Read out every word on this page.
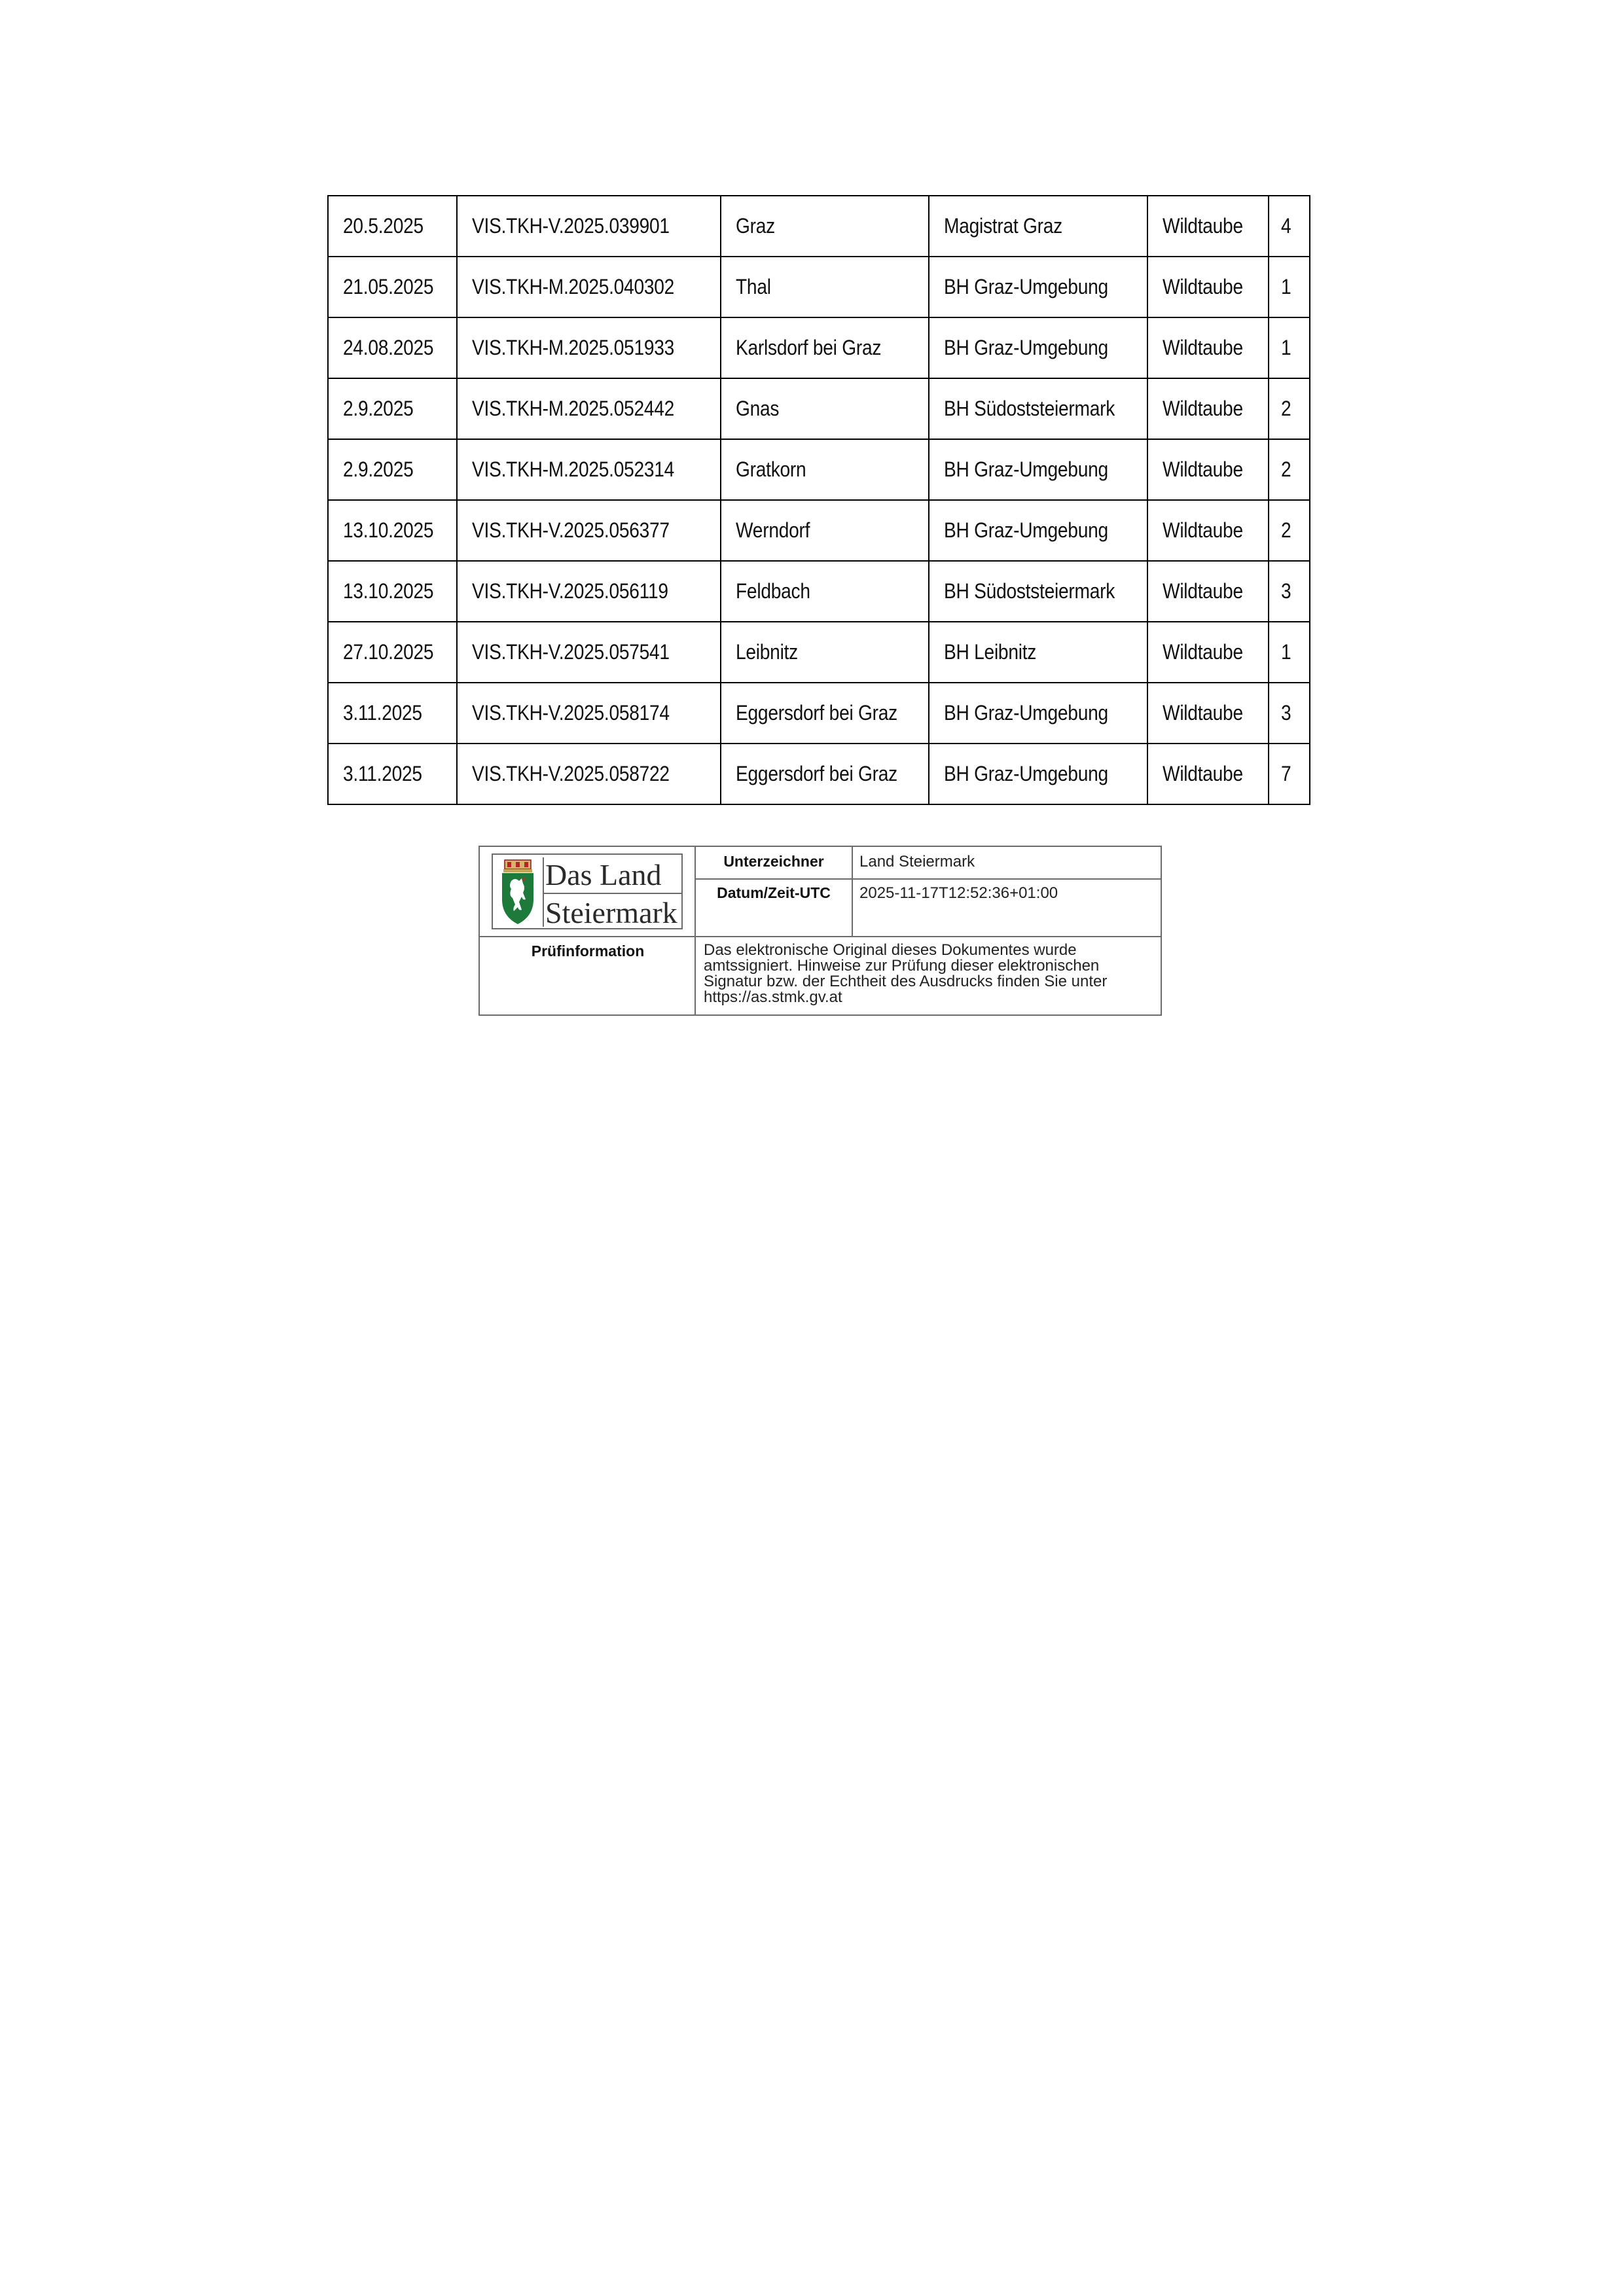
20.5.2025	VIS.TKH-V.2025.039901	Graz	Magistrat Graz	Wildtaube	4
21.05.2025	VIS.TKH-M.2025.040302	Thal	BH Graz-Umgebung	Wildtaube	1
24.08.2025	VIS.TKH-M.2025.051933	Karlsdorf bei Graz	BH Graz-Umgebung	Wildtaube	1
2.9.2025	VIS.TKH-M.2025.052442	Gnas	BH Südoststeiermark	Wildtaube	2
2.9.2025	VIS.TKH-M.2025.052314	Gratkorn	BH Graz-Umgebung	Wildtaube	2
13.10.2025	VIS.TKH-V.2025.056377	Werndorf	BH Graz-Umgebung	Wildtaube	2
13.10.2025	VIS.TKH-V.2025.056119	Feldbach	BH Südoststeiermark	Wildtaube	3
27.10.2025	VIS.TKH-V.2025.057541	Leibnitz	BH Leibnitz	Wildtaube	1
3.11.2025	VIS.TKH-V.2025.058174	Eggersdorf bei Graz	BH Graz-Umgebung	Wildtaube	3
3.11.2025	VIS.TKH-V.2025.058722	Eggersdorf bei Graz	BH Graz-Umgebung	Wildtaube	7
Das Land
Steiermark
Unterzeichner	Land Steiermark
Datum/Zeit-UTC	2025-11-17T12:52:36+01:00
Prüfinformation	Das elektronische Original dieses Dokumentes wurde
amtssigniert. Hinweise zur Prüfung dieser elektronischen
Signatur bzw. der Echtheit des Ausdrucks finden Sie unter
https://as.stmk.gv.at
